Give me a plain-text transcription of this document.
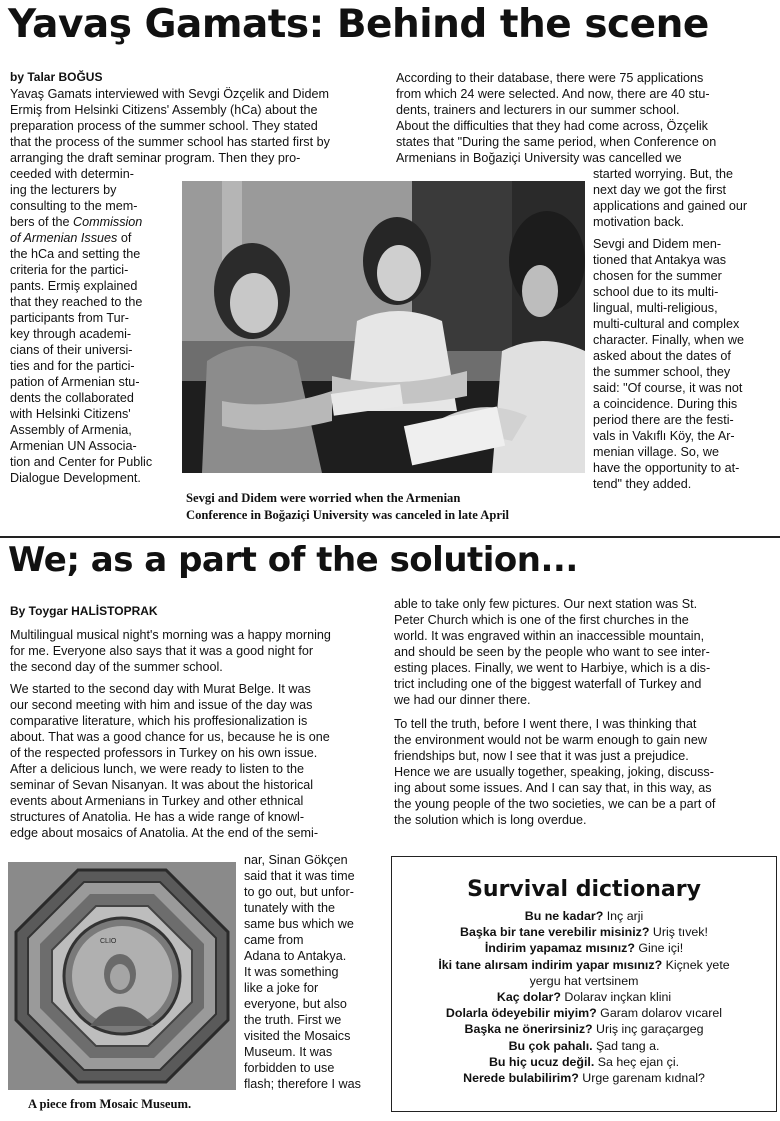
Yavaş Gamats: Behind the scene
by Talar BOĞUS
Yavaş Gamats interviewed with Sevgi Özçelik and Didem
Ermiş from Helsinki Citizens' Assembly (hCa) about the
preparation process of the summer school. They stated
that the process of the summer school has started first by
arranging the draft seminar program. Then they pro-
ceeded with determin-
ing the lecturers by
consulting to the mem-
bers of the Commission
of Armenian Issues of
the hCa and setting the
criteria for the partici-
pants. Ermiş explained
that they reached to the
participants from Tur-
key through academi-
cians of their universi-
ties and for the partici-
pation of Armenian stu-
dents the collaborated
with Helsinki Citizens'
Assembly of Armenia,
Armenian UN Associa-
tion and Center for Public
Dialogue Development.
According to their database, there were 75 applications
from which 24 were selected. And now, there are 40 stu-
dents, trainers and lecturers in our summer school.
About the difficulties that they had come across, Özçelik
states that "During the same period, when Conference on
Armenians in Boğaziçi University was cancelled we
started worrying. But, the
next day we got the first
applications and gained our
motivation back.
Sevgi and Didem men-
tioned that Antakya was
chosen for the summer
school due to its multi-
lingual, multi-religious,
multi-cultural and complex
character. Finally, when we
asked about the dates of
the summer school, they
said: "Of course, it was not
a coincidence. During this
period there are the festi-
vals in Vakıflı Köy, the Ar-
menian village. So, we
have the opportunity to at-
tend" they added.
Sevgi and Didem were worried when the Armenian
Conference in Boğaziçi University was canceled in late April
We; as a part of the solution...
By Toygar HALİSTOPRAK

Multilingual musical night's morning was a happy morning
for me. Everyone also says that it was a good night for
the second day of the summer school.

We started to the second day with Murat Belge. It was
our second meeting with him and issue of the day was
comparative literature, which his proffesionalization is
about. That was a good chance for us, because he is one
of the respected professors in Turkey on his own issue.
After a delicious lunch, we were ready to listen to the
seminar of Sevan Nisanyan. It was about the historical
events about Armenians in Turkey and other ethnical
structures of Anatolia. He has a wide range of knowl-
edge about mosaics of Anatolia. At the end of the semi-

nar, Sinan Gökçen
said that it was time
to go out, but unfor-
tunately with the
same bus which we
came from
Adana to Antakya.
It was something
like a joke for
everyone, but also
the truth. First we
visited the Mosaics
Museum. It was
forbidden to use
flash; therefore I was
CLIO
A piece from Mosaic Museum.

able to take only few pictures. Our next station was St.
Peter Church which is one of the first churches in the
world. It was engraved within an inaccessible mountain,
and should be seen by the people who want to see inter-
esting places. Finally, we went to Harbiye, which is a dis-
trict including one of the biggest waterfall of Turkey and
we had our dinner there.

To tell the truth, before I went there, I was thinking that
the environment would not be warm enough to gain new
friendships but, now I see that it was just a prejudice.
Hence we are usually together, speaking, joking, discuss-
ing about some issues. And I can say that, in this way, as
the young people of the two societies, we can be a part of
the solution which is long overdue.

Survival dictionary
Bu ne kadar? Inç arji
Başka bir tane verebilir misiniz? Uriş tıvek!
İndirim yapamaz mısınız? Gine içi!
İki tane alırsam indirim yapar mısınız? Kiçnek yete
yergu hat vertsinem
Kaç dolar? Dolarav inçkan klini
Dolarla ödeyebilir miyim? Garam dolarov vıcarel
Başka ne önerirsiniz? Uriş inç garaçargeg
Bu çok pahalı. Şad tang a.
Bu hiç ucuz değil. Sa heç ejan çi.
Nerede bulabilirim? Urge garenam kıdnal?
